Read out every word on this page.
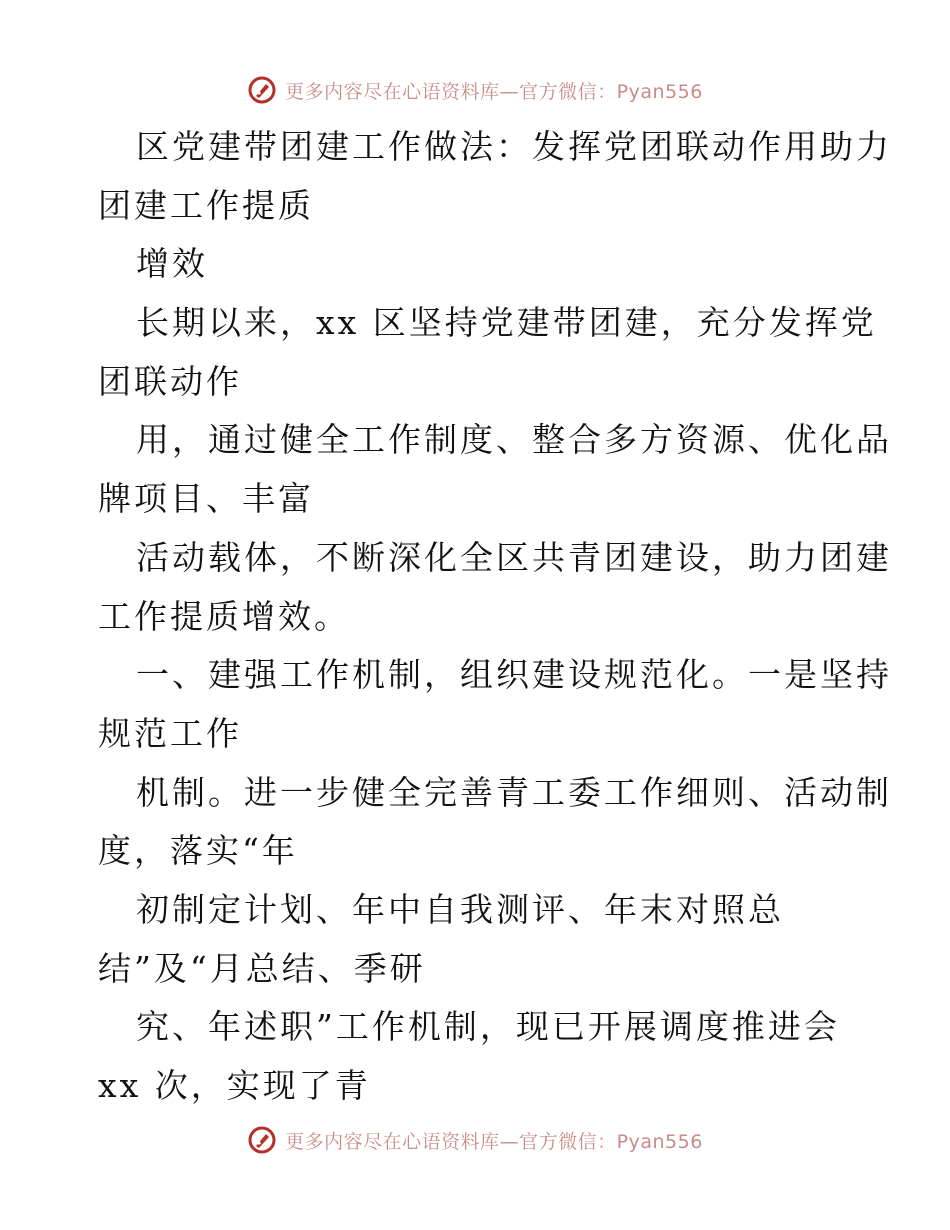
更多内容尽在心语资料库—官方微信：Pyan556
区党建带团建工作做法：发挥党团联动作用助力
团建工作提质
增效
长期以来，xx 区坚持党建带团建，充分发挥党
团联动作
用，通过健全工作制度、整合多方资源、优化品
牌项目、丰富
活动载体，不断深化全区共青团建设，助力团建
工作提质增效。
一、建强工作机制，组织建设规范化。一是坚持
规范工作
机制。进一步健全完善青工委工作细则、活动制
度，落实“年
初制定计划、年中自我测评、年末对照总
结”及“月总结、季研
究、年述职”工作机制，现已开展调度推进会
xx 次，实现了青
更多内容尽在心语资料库—官方微信：Pyan556
